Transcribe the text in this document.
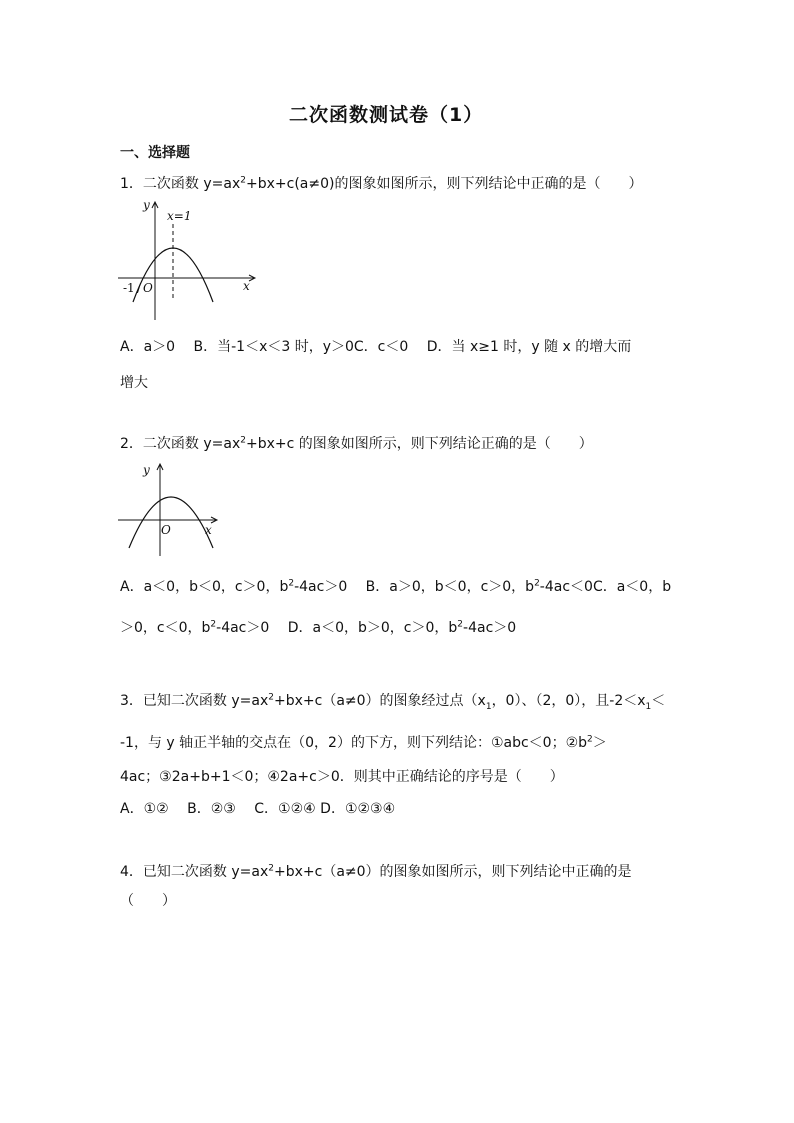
二次函数测试卷（1）
一、选择题
1．二次函数 $y=ax^2+bx+c(a\ne 0)$的图象如图所示，则下列结论中正确的是（　　）
y
x=1
x
-1 / O
A．a＞0　 B．当-1＜x＜3 时，y＞0C．c＜0　 D．当 x≥1 时，y 随 x 的增大而
增大
2．二次函数 $y=ax^2+bx+c$ 的图象如图所示，则下列结论正确的是（　　）
y
O	x
A．a＜0，b＜0，c＞0，$b^2-4ac>0$　 B．a＞0，b＜0，c＞0，$b^2-4ac<0C$．a＜0，b
＞0，c＜0，$b^2-4ac>0$　 D．a＜0，b＞0，c＞0，$b^2-4ac>0$
3．已知二次函数 $y=ax^2+bx+c(a\ne 0)$的图象经过点（$x_1$，0）、（2，0），且$-2<x_1<$
-1，与 y 轴正半轴的交点在（0，2）的下方，则下列结论：①abc＜0；$②b^2>$
4ac；③2a+b+1＜0；④2a+c＞0．则其中正确结论的序号是（　　）
A．①②　 B．②③　 C．①②④ D．①②③④
4．已知二次函数 $y=ax^2+bx+c(a\ne 0)$的图象如图所示，则下列结论中正确的是
（　　）
